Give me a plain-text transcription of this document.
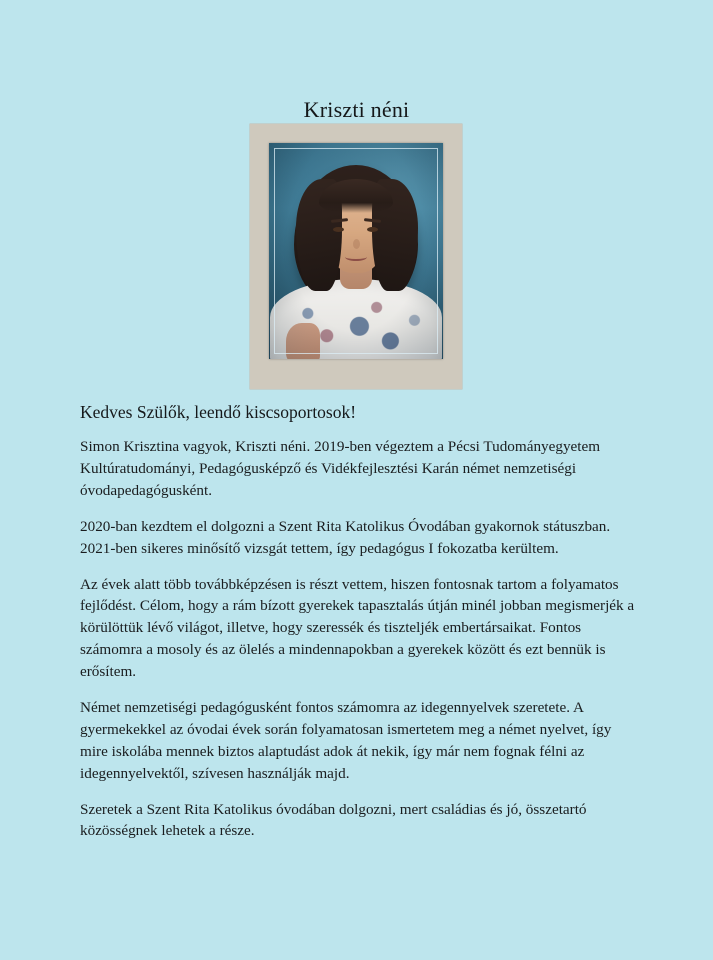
Kriszti néni

Kedves Szülők, leendő kiscsoportosok!

Simon Krisztina vagyok, Kriszti néni. 2019-ben végeztem a Pécsi Tudományegyetem Kultúratudományi, Pedagógusképző és Vidékfejlesztési Karán német nemzetiségi óvodapedagógusként.

2020-ban kezdtem el dolgozni a Szent Rita Katolikus Óvodában gyakornok státuszban. 2021-ben sikeres minősítő vizsgát tettem, így pedagógus I fokozatba kerültem.

Az évek alatt több továbbképzésen is részt vettem, hiszen fontosnak tartom a folyamatos fejlődést. Célom, hogy a rám bízott gyerekek tapasztalás útján minél jobban megismerjék a körülöttük lévő világot, illetve, hogy szeressék és tiszteljék embertársaikat. Fontos számomra a mosoly és az ölelés a mindennapokban a gyerekek között és ezt bennük is erősítem.

Német nemzetiségi pedagógusként fontos számomra az idegennyelvek szeretete. A gyermekekkel az óvodai évek során folyamatosan ismertetem meg a német nyelvet, így mire iskolába mennek biztos alaptudást adok át nekik, így már nem fognak félni az idegennyelvektől, szívesen használják majd.

Szeretek a Szent Rita Katolikus óvodában dolgozni, mert családias és jó, összetartó közösségnek lehetek a része.
